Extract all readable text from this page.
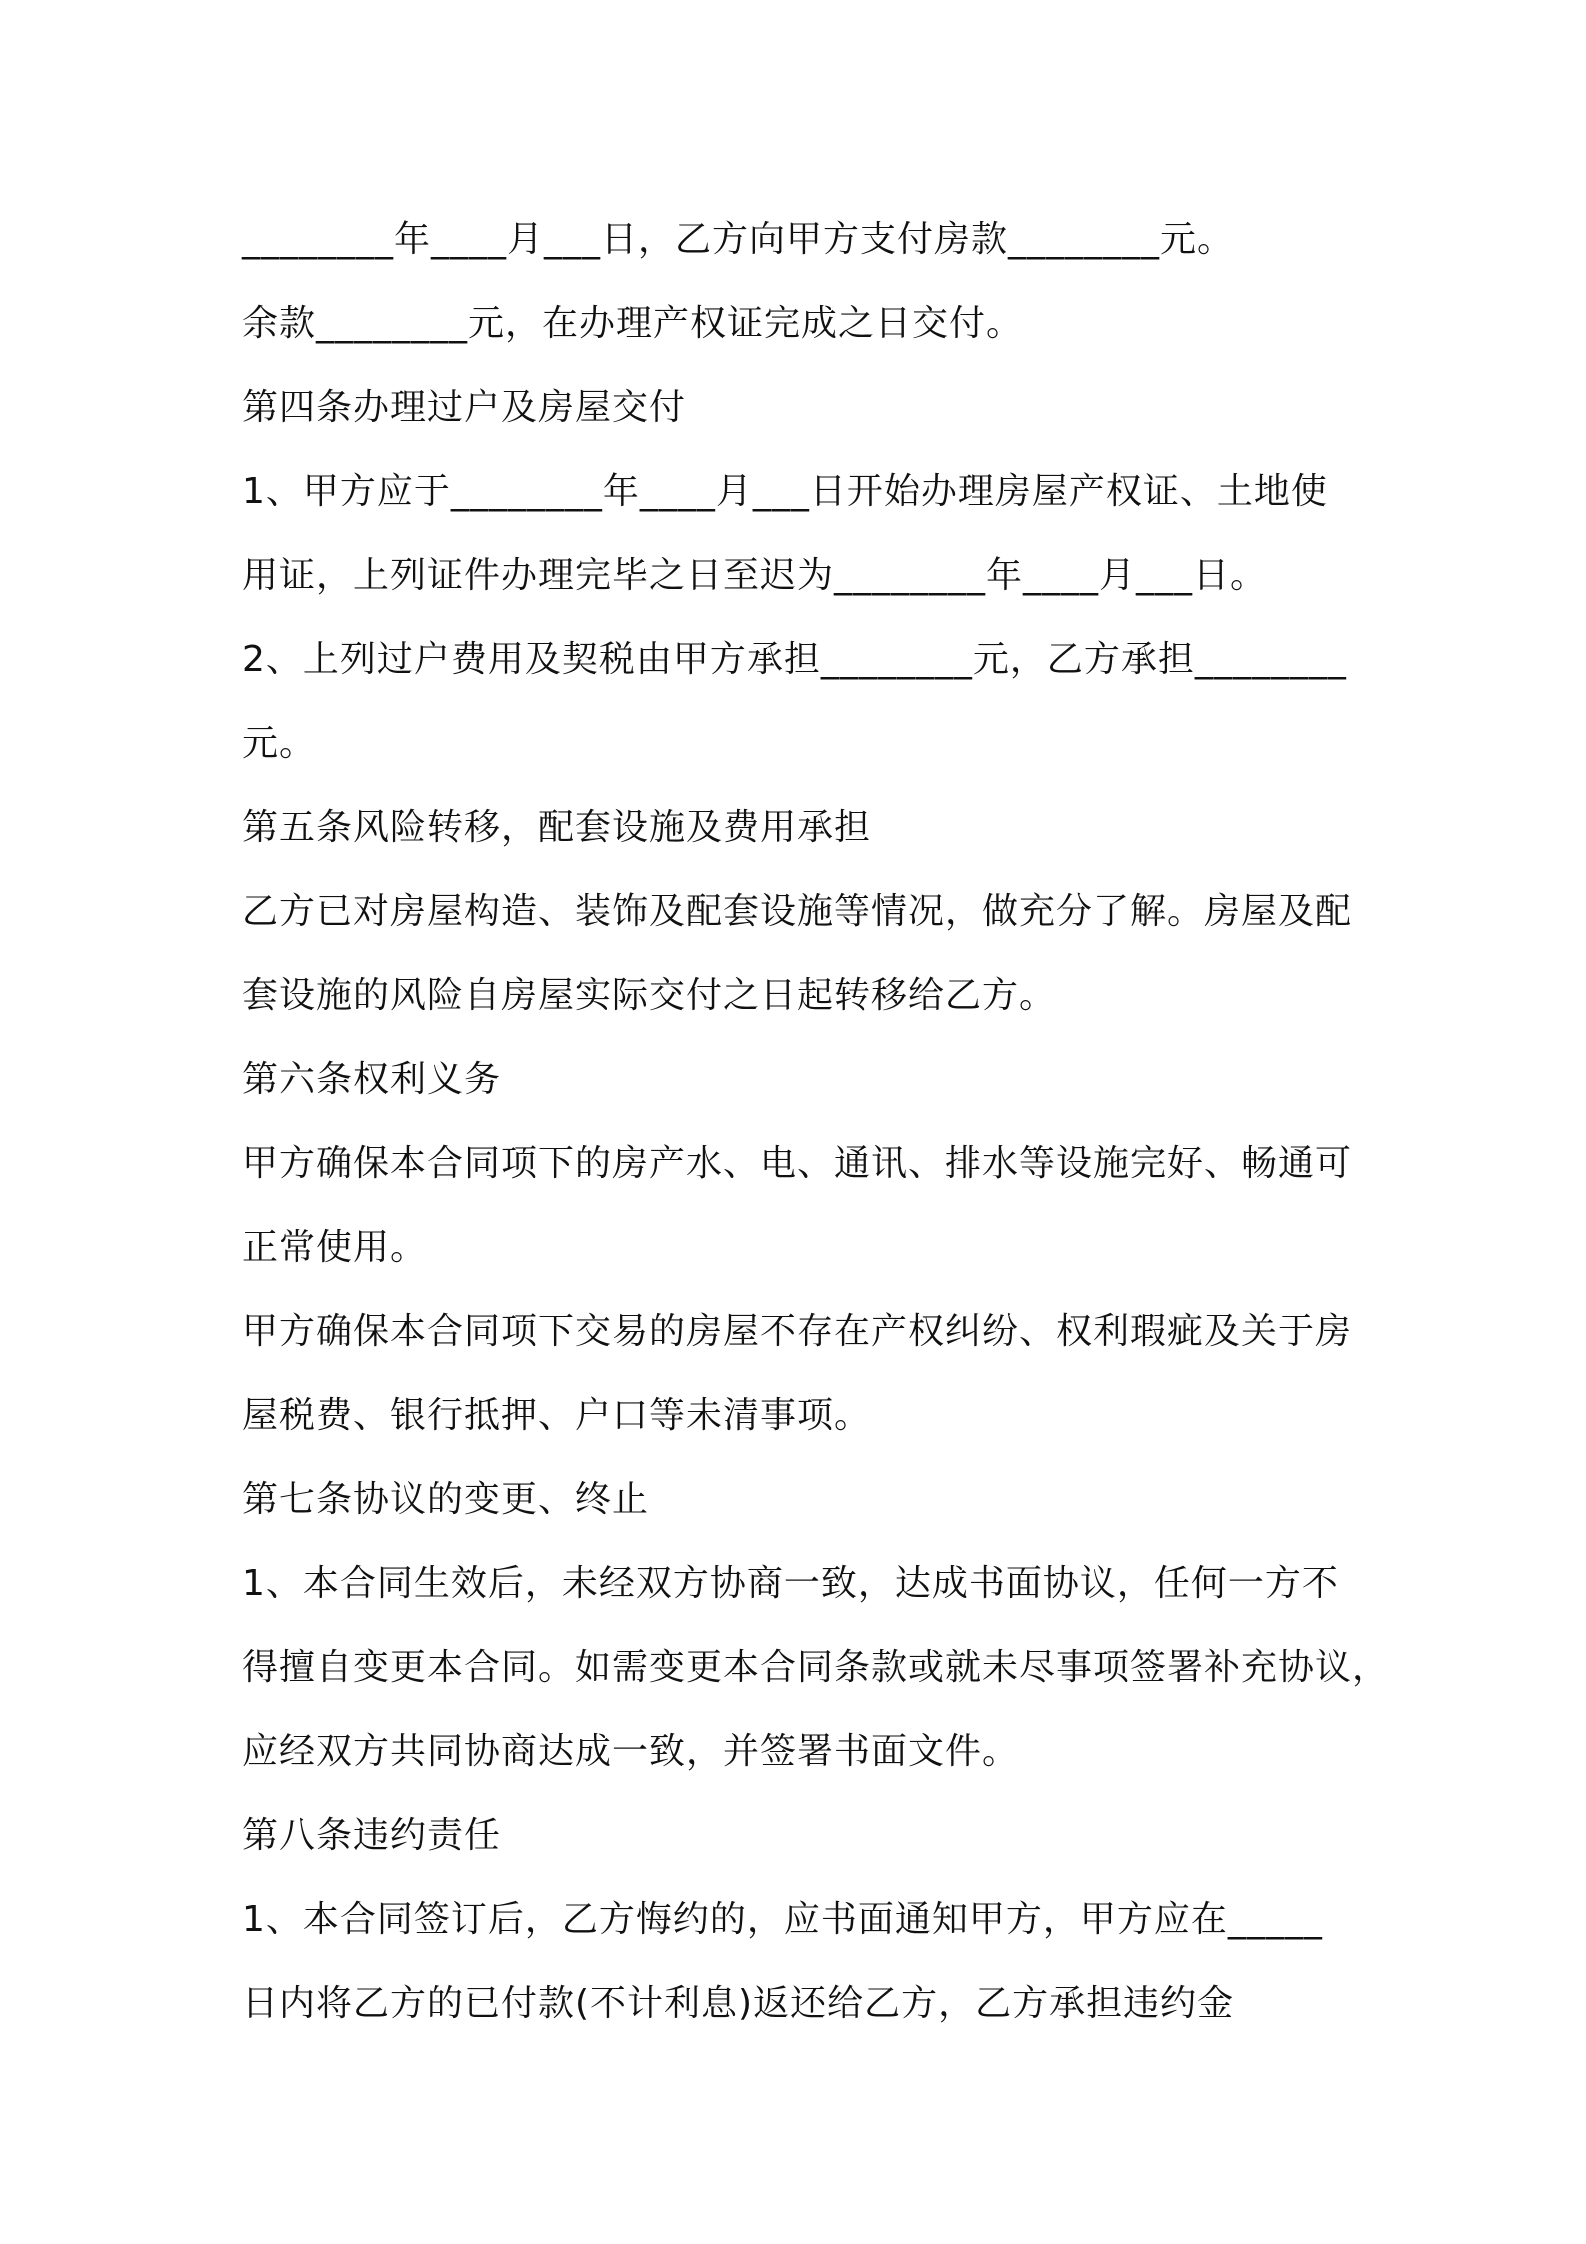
________年____月___日，乙方向甲方支付房款________元。
余款________元，在办理产权证完成之日交付。
第四条办理过户及房屋交付
1、甲方应于________年____月___日开始办理房屋产权证、土地使
用证，上列证件办理完毕之日至迟为________年____月___日。
2、上列过户费用及契税由甲方承担________元，乙方承担________
元。
第五条风险转移，配套设施及费用承担
乙方已对房屋构造、装饰及配套设施等情况，做充分了解。房屋及配
套设施的风险自房屋实际交付之日起转移给乙方。
第六条权利义务
甲方确保本合同项下的房产水、电、通讯、排水等设施完好、畅通可
正常使用。
甲方确保本合同项下交易的房屋不存在产权纠纷、权利瑕疵及关于房
屋税费、银行抵押、户口等未清事项。
第七条协议的变更、终止
1、本合同生效后，未经双方协商一致，达成书面协议，任何一方不
得擅自变更本合同。如需变更本合同条款或就未尽事项签署补充协议，
应经双方共同协商达成一致，并签署书面文件。
第八条违约责任
1、本合同签订后，乙方悔约的，应书面通知甲方，甲方应在_____
日内将乙方的已付款(不计利息)返还给乙方，乙方承担违约金
